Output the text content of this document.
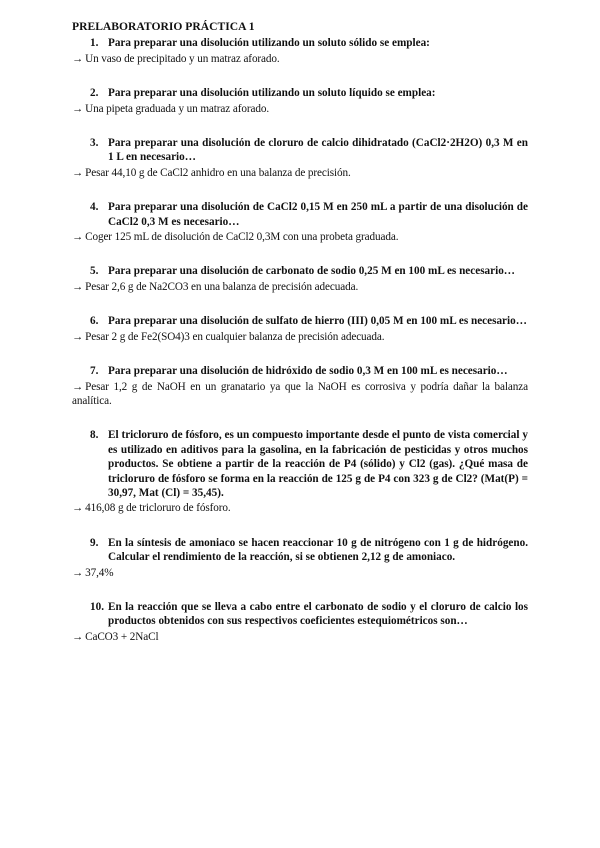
PRELABORATORIO PRÁCTICA 1
1. Para preparar una disolución utilizando un soluto sólido se emplea:
→ Un vaso de precipitado y un matraz aforado.
2. Para preparar una disolución utilizando un soluto líquido se emplea:
→ Una pipeta graduada y un matraz aforado.
3. Para preparar una disolución de cloruro de calcio dihidratado (CaCl2·2H2O) 0,3 M en 1 L en necesario…
→ Pesar 44,10 g de CaCl2 anhidro en una balanza de precisión.
4. Para preparar una disolución de CaCl2 0,15 M en 250 mL a partir de una disolución de CaCl2 0,3 M es necesario…
→ Coger 125 mL de disolución de CaCl2 0,3M con una probeta graduada.
5. Para preparar una disolución de carbonato de sodio 0,25 M en 100 mL es necesario…
→ Pesar 2,6 g de Na2CO3 en una balanza de precisión adecuada.
6. Para preparar una disolución de sulfato de hierro (III) 0,05 M en 100 mL es necesario…
→ Pesar 2 g de Fe2(SO4)3 en cualquier balanza de precisión adecuada.
7. Para preparar una disolución de hidróxido de sodio 0,3 M en 100 mL es necesario…
→ Pesar 1,2 g de NaOH en un granatario ya que la NaOH es corrosiva y podría dañar la balanza analítica.
8. El tricloruro de fósforo, es un compuesto importante desde el punto de vista comercial y es utilizado en aditivos para la gasolina, en la fabricación de pesticidas y otros muchos productos. Se obtiene a partir de la reacción de P4 (sólido) y Cl2 (gas). ¿Qué masa de tricloruro de fósforo se forma en la reacción de 125 g de P4 con 323 g de Cl2? (Mat(P) = 30,97, Mat (Cl) = 35,45).
→ 416,08 g de tricloruro de fósforo.
9. En la síntesis de amoniaco se hacen reaccionar 10 g de nitrógeno con 1 g de hidrógeno. Calcular el rendimiento de la reacción, si se obtienen 2,12 g de amoniaco.
→ 37,4%
10. En la reacción que se lleva a cabo entre el carbonato de sodio y el cloruro de calcio los productos obtenidos con sus respectivos coeficientes estequiométricos son…
→ CaCO3 + 2NaCl
